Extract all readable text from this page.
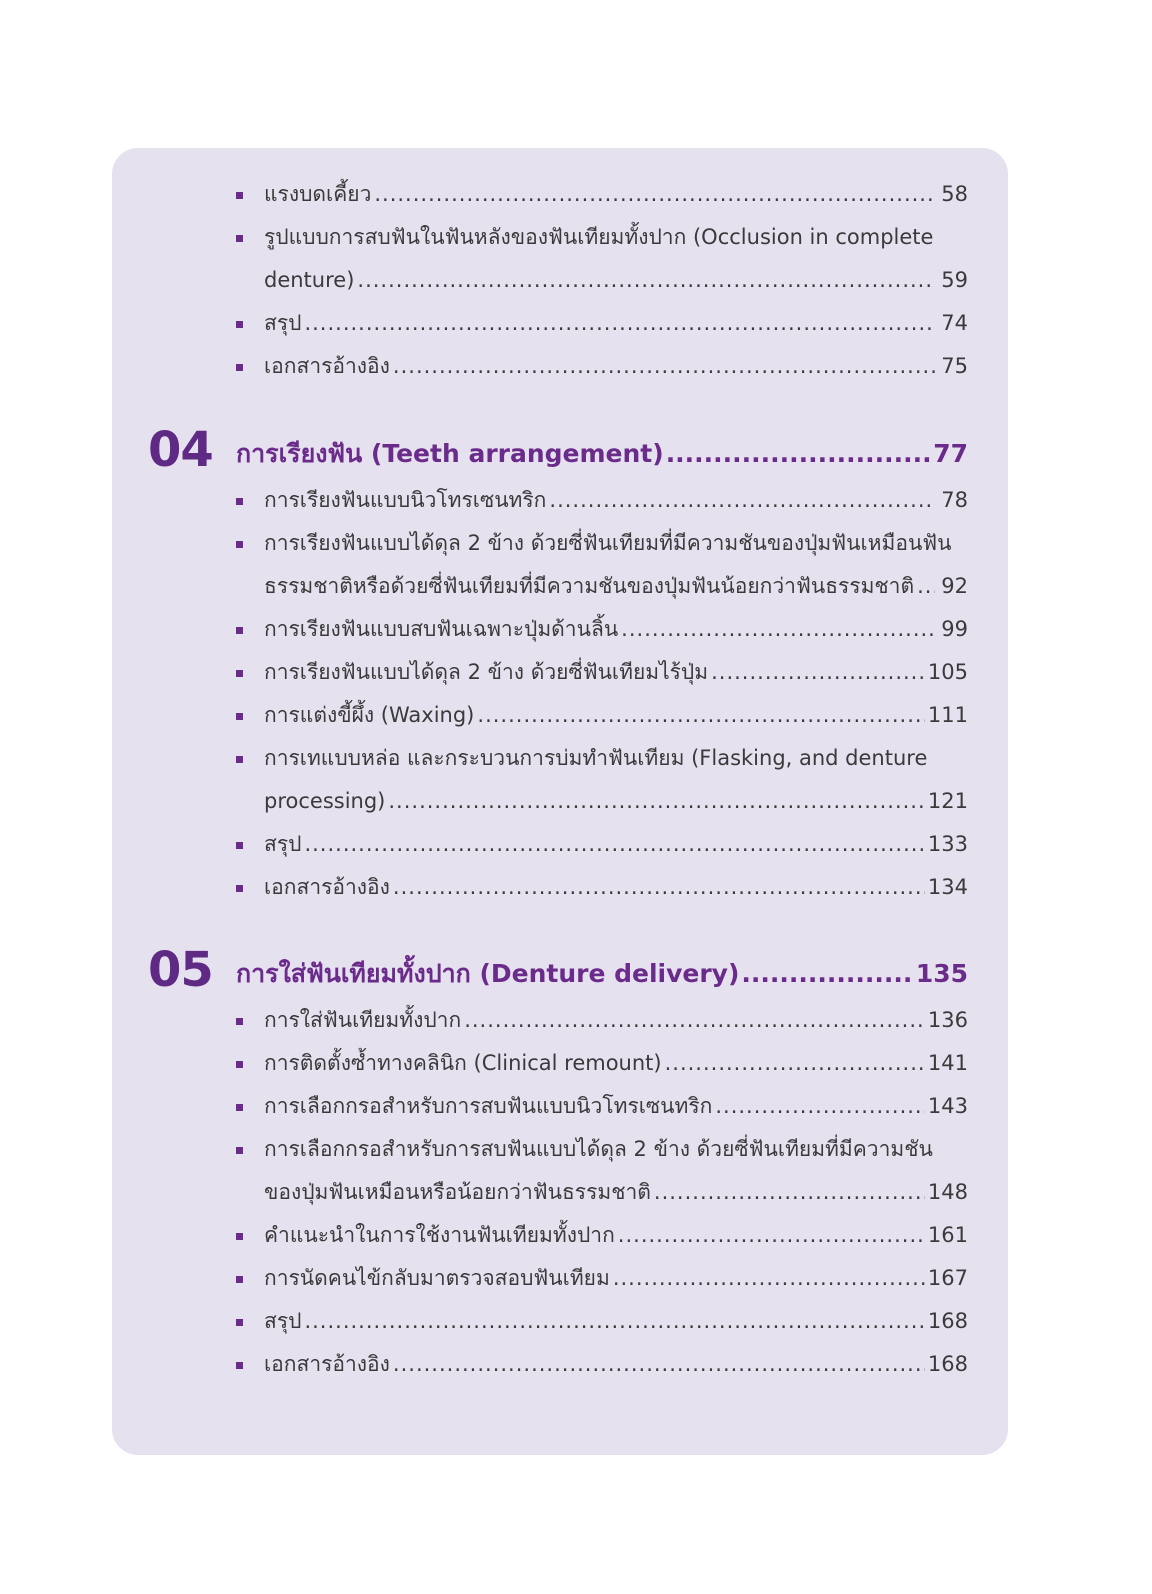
แรงบดเคี้ยว .....	58
รูปแบบการสบฟันในฟันหลังของฟันเทียมทั้งปาก (Occlusion in complete
denture) .....	59
สรุป .....	74
เอกสารอ้างอิง .....	75
04 การเรียงฟัน (Teeth arrangement) .....	77
การเรียงฟันแบบนิวโทรเซนทริก .....	78
การเรียงฟันแบบได้ดุล 2 ข้าง ด้วยซี่ฟันเทียมที่มีความชันของปุ่มฟันเหมือนฟัน
ธรรมชาติหรือด้วยซี่ฟันเทียมที่มีความชันของปุ่มฟันน้อยกว่าฟันธรรมชาติ ..... 92
การเรียงฟันแบบสบฟันเฉพาะปุ่มด้านลิ้น .....	99
การเรียงฟันแบบได้ดุล 2 ข้าง ด้วยซี่ฟันเทียมไร้ปุ่ม .....	105
การแต่งขี้ผึ้ง (Waxing) .....	111
การเทแบบหล่อ และกระบวนการบ่มทำฟันเทียม (Flasking, and denture
processing) .....	121
สรุป .....	133
เอกสารอ้างอิง .....	134
05 การใส่ฟันเทียมทั้งปาก (Denture delivery) .....	135
การใส่ฟันเทียมทั้งปาก .....	136
การติดตั้งซ้ำทางคลินิก (Clinical remount) .....	141
การเลือกกรอสำหรับการสบฟันแบบนิวโทรเซนทริก .....	143
การเลือกกรอสำหรับการสบฟันแบบได้ดุล 2 ข้าง ด้วยซี่ฟันเทียมที่มีความชัน
ของปุ่มฟันเหมือนหรือน้อยกว่าฟันธรรมชาติ .....	148
คำแนะนำในการใช้งานฟันเทียมทั้งปาก .....	161
การนัดคนไข้กลับมาตรวจสอบฟันเทียม .....	167
สรุป .....	168
เอกสารอ้างอิง .....	168
